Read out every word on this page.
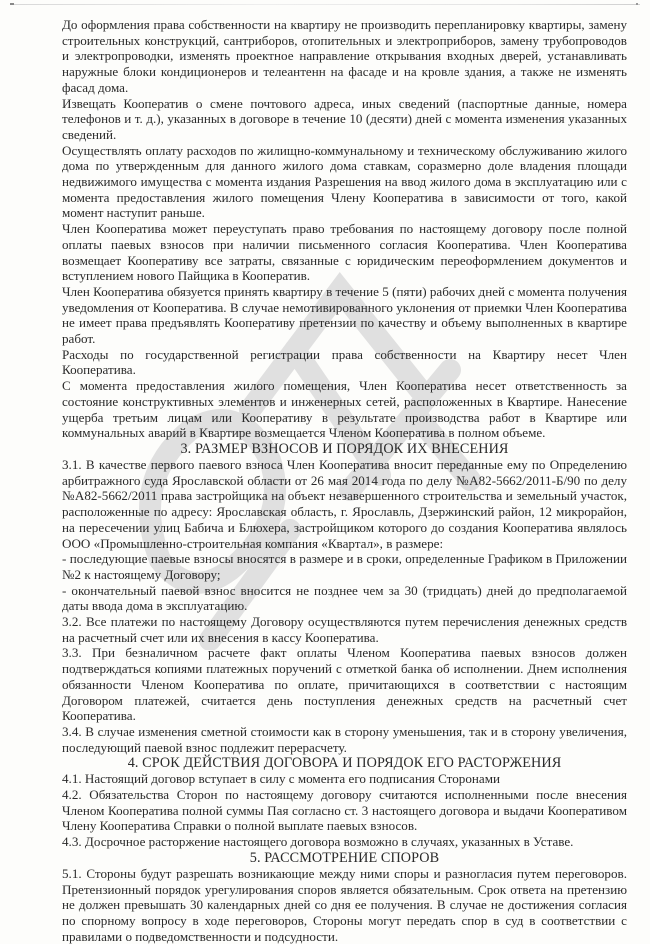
До оформления права собственности на квартиру не производить перепланировку квартиры, замену строительных конструкций, сантриборов, отопительных и электроприборов, замену трубопроводов и электропроводки, изменять проектное направление открывания входных дверей, устанавливать наружные блоки кондиционеров и телеантенн на фасаде и на кровле здания, а также не изменять фасад дома.

Извещать Кооператив о смене почтового адреса, иных сведений (паспортные данные, номера телефонов и т. д.), указанных в договоре в течение 10 (десяти) дней с момента изменения указанных сведений.

Осуществлять оплату расходов по жилищно-коммунальному и техническому обслуживанию жилого дома по утвержденным для данного жилого дома ставкам, соразмерно доле владения площади недвижимого имущества с момента издания Разрешения на ввод жилого дома в эксплуатацию или с момента предоставления жилого помещения Члену Кооператива в зависимости от того, какой момент наступит раньше.

Член Кооператива может переуступать право требования по настоящему договору после полной оплаты паевых взносов при наличии письменного согласия Кооператива. Член Кооператива возмещает Кооперативу все затраты, связанные с юридическим переоформлением документов и вступлением нового Пайщика в Кооператив.

Член Кооператива обязуется принять квартиру в течение 5 (пяти) рабочих дней с момента получения уведомления от Кооператива. В случае немотивированного уклонения от приемки Член Кооператива не имеет права предъявлять Кооперативу претензии по качеству и объему выполненных в квартире работ.

Расходы по государственной регистрации права собственности на Квартиру несет Член Кооператива.

С момента предоставления жилого помещения, Член Кооператива несет ответственность за состояние конструктивных элементов и инженерных сетей, расположенных в Квартире. Нанесение ущерба третьим лицам или Кооперативу в результате производства работ в Квартире или коммунальных аварий в Квартире возмещается Членом Кооператива в полном объеме.

3. РАЗМЕР ВЗНОСОВ И ПОРЯДОК ИХ ВНЕСЕНИЯ

3.1. В качестве первого паевого взноса Член Кооператива вносит переданные ему по Определению арбитражного суда Ярославской области от 26 мая 2014 года по делу №А82-5662/2011-Б/90 по делу №А82-5662/2011 права застройщика на объект незавершенного строительства и земельный участок, расположенные по адресу: Ярославская область, г. Ярославль, Дзержинский район, 12 микрорайон, на пересечении улиц Бабича и Блюхера, застройщиком которого до создания Кооператива являлось ООО «Промышленно-строительная компания «Квартал», в размере:

- последующие паевые взносы вносятся в размере и в сроки, определенные Графиком в Приложении №2 к настоящему Договору;

- окончательный паевой взнос вносится не позднее чем за 30 (тридцать) дней до предполагаемой даты ввода дома в эксплуатацию.

3.2. Все платежи по настоящему Договору осуществляются путем перечисления денежных средств на расчетный счет или их внесения в кассу Кооператива.

3.3. При безналичном расчете факт оплаты Членом Кооператива паевых взносов должен подтверждаться копиями платежных поручений с отметкой банка об исполнении. Днем исполнения обязанности Членом Кооператива по оплате, причитающихся в соответствии с настоящим Договором платежей, считается день поступления денежных средств на расчетный счет Кооператива.

3.4. В случае изменения сметной стоимости как в сторону уменьшения, так и в сторону увеличения, последующий паевой взнос подлежит перерасчету.

4. СРОК ДЕЙСТВИЯ ДОГОВОРА И ПОРЯДОК ЕГО РАСТОРЖЕНИЯ

4.1. Настоящий договор вступает в силу с момента его подписания Сторонами

4.2. Обязательства Сторон по настоящему договору считаются исполненными после внесения Членом Кооператива полной суммы Пая согласно ст. 3 настоящего договора и выдачи Кооперативом Члену Кооператива Справки о полной выплате паевых взносов.

4.3. Досрочное расторжение настоящего договора возможно в случаях, указанных в Уставе.

5. РАССМОТРЕНИЕ СПОРОВ

5.1. Стороны будут разрешать возникающие между ними споры и разногласия путем переговоров. Претензионный порядок урегулирования споров является обязательным. Срок ответа на претензию не должен превышать 30 календарных дней со дня ее получения. В случае не достижения согласия по спорному вопросу в ходе переговоров, Стороны могут передать спор в суд в соответствии с правилами о подведомственности и подсудности.
